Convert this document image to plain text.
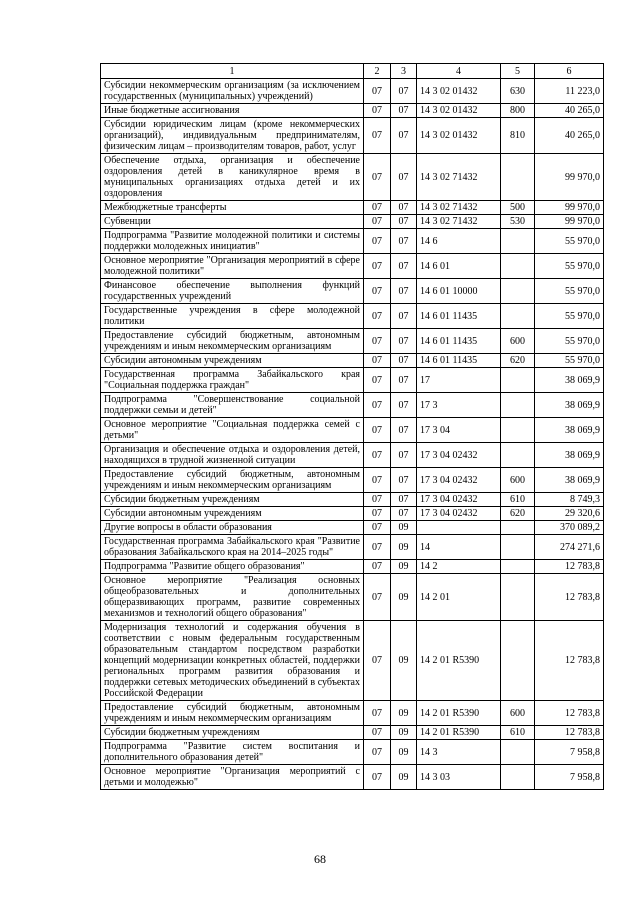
1	2	3	4	5	6
Субсидии некоммерческим организациям (за исключением государственных (муниципальных) учреждений)	07	07	14 3 02 01432	630	11 223,0
Иные бюджетные ассигнования	07	07	14 3 02 01432	800	40 265,0
Субсидии юридическим лицам (кроме некоммерческих организаций), индивидуальным предпринимателям, физическим лицам – производителям товаров, работ, услуг	07	07	14 3 02 01432	810	40 265,0
Обеспечение отдыха, организация и обеспечение оздоровления детей в каникулярное время в муниципальных организациях отдыха детей и их оздоровления	07	07	14 3 02 71432		99 970,0
Межбюджетные трансферты	07	07	14 3 02 71432	500	99 970,0
Субвенции	07	07	14 3 02 71432	530	99 970,0
Подпрограмма "Развитие молодежной политики и системы поддержки молодежных инициатив"	07	07	14 6		55 970,0
Основное мероприятие "Организация мероприятий в сфере молодежной политики"	07	07	14 6 01		55 970,0
Финансовое обеспечение выполнения функций государственных учреждений	07	07	14 6 01 10000		55 970,0
Государственные учреждения в сфере молодежной политики	07	07	14 6 01 11435		55 970,0
Предоставление субсидий бюджетным, автономным учреждениям и иным некоммерческим организациям	07	07	14 6 01 11435	600	55 970,0
Субсидии автономным учреждениям	07	07	14 6 01 11435	620	55 970,0
Государственная программа Забайкальского края "Социальная поддержка граждан"	07	07	17		38 069,9
Подпрограмма "Совершенствование социальной поддержки семьи и детей"	07	07	17 3		38 069,9
Основное мероприятие "Социальная поддержка семей с детьми"	07	07	17 3 04		38 069,9
Организация и обеспечение отдыха и оздоровления детей, находящихся в трудной жизненной ситуации	07	07	17 3 04 02432		38 069,9
Предоставление субсидий бюджетным, автономным учреждениям и иным некоммерческим организациям	07	07	17 3 04 02432	600	38 069,9
Субсидии бюджетным учреждениям	07	07	17 3 04 02432	610	8 749,3
Субсидии автономным учреждениям	07	07	17 3 04 02432	620	29 320,6
Другие вопросы в области образования	07	09			370 089,2
Государственная программа Забайкальского края "Развитие образования Забайкальского края на 2014–2025 годы"	07	09	14		274 271,6
Подпрограмма "Развитие общего образования"	07	09	14 2		12 783,8
Основное мероприятие "Реализация основных общеобразовательных и дополнительных общеразвивающих программ, развитие современных механизмов и технологий общего образования"	07	09	14 2 01		12 783,8
Модернизация технологий и содержания обучения в соответствии с новым федеральным государственным образовательным стандартом посредством разработки концепций модернизации конкретных областей, поддержки региональных программ развития образования и поддержки сетевых методических объединений в субъектах Российской Федерации	07	09	14 2 01 R5390		12 783,8
Предоставление субсидий бюджетным, автономным учреждениям и иным некоммерческим организациям	07	09	14 2 01 R5390	600	12 783,8
Субсидии бюджетным учреждениям	07	09	14 2 01 R5390	610	12 783,8
Подпрограмма "Развитие систем воспитания и дополнительного образования детей"	07	09	14 3		7 958,8
Основное мероприятие "Организация мероприятий с детьми и молодежью"	07	09	14 3 03		7 958,8
68
